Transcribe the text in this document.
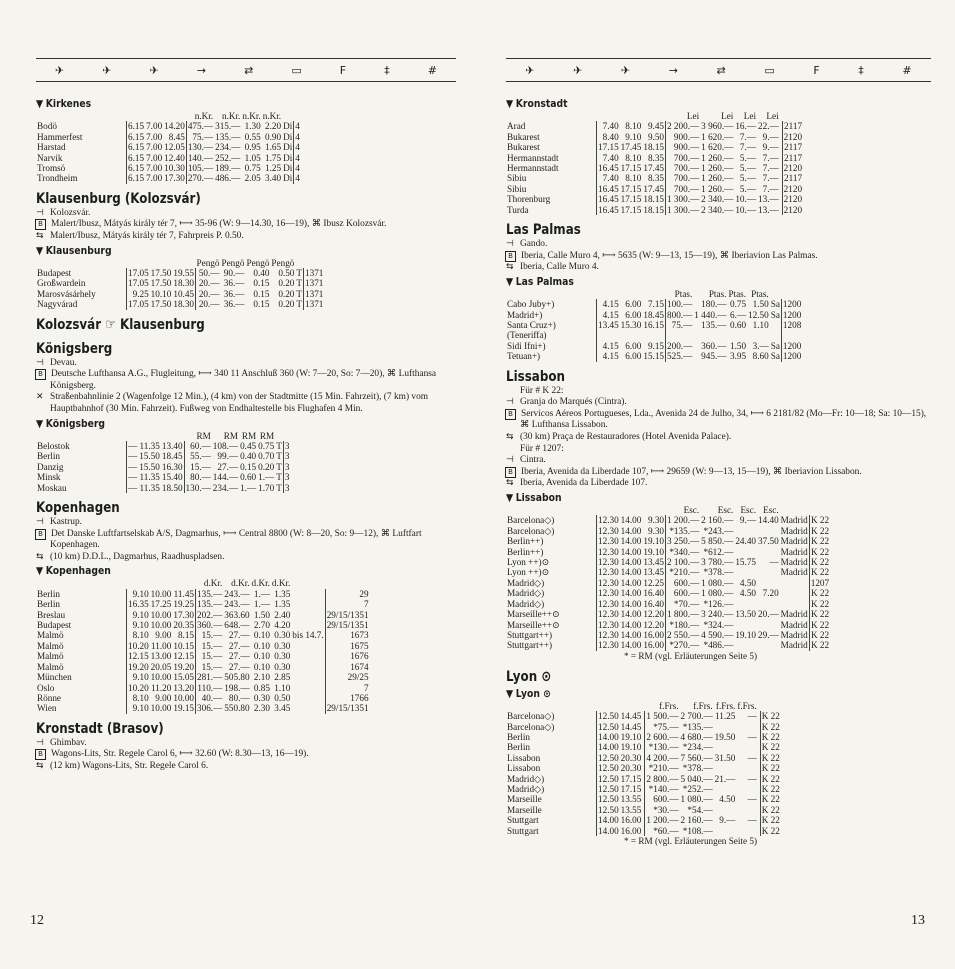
✈	✈	✈	→	⇄	▭	F	‡	#
▼ Kirkenes
				n.Kr.	n.Kr.	n.Kr.	n.Kr.		
Bodö	6.15	7.00	14.20	475.—	315.—	1.30	2.20	Di	4
Hammerfest	6.15	7.00	8.45	75.—	135.—	0.55	0.90	Di	4
Harstad	6.15	7.00	12.05	130.—	234.—	0.95	1.65	Di	4
Narvik	6.15	7.00	12.40	140.—	252.—	1.05	1.75	Di	4
Tromsö	6.15	7.00	10.30	105.—	189.—	0.75	1.25	Di	4
Trondheim	6.15	7.00	17.30	270.—	486.—	2.05	3.40	Di	4
Klausenburg (Kolozsvár)
⊣ Kolozsvár.
B Malert/Ibusz, Mátyás király tér 7, ⟼ 35-96 (W: 9—14.30, 16—19), ⌘ Ibusz Kolozsvár.
⇆ Malert/Ibusz, Mátyás király tér 7, Fahrpreis P. 0.50.
▼ Klausenburg
				Pengö	Pengö	Pengö	Pengö		
Budapest	17.05	17.50	19.55	50.—	90.—	0.40	0.50	T	1371
Großwardein	17.05	17.50	18.30	20.—	36.—	0.15	0.20	T	1371
Marosvásárhely	9.25	10.10	10.45	20.—	36.—	0.15	0.20	T	1371
Nagyvárad	17.05	17.50	18.30	20.—	36.—	0.15	0.20	T	1371
Kolozsvár ☞ Klausenburg
Königsberg
⊣ Devau.
B Deutsche Lufthansa A.G., Flugleitung, ⟼ 340 11 Anschluß 360 (W: 7—20, So: 7—20), ⌘ Lufthansa Königsberg.
✕ Straßenbahnlinie 2 (Wagenfolge 12 Min.), (4 km) von der Stadtmitte (15 Min. Fahrzeit), (7 km) vom Hauptbahnhof (30 Min. Fahrzeit). Fußweg von Endhaltestelle bis Flughafen 4 Min.
▼ Königsberg
				RM	RM	RM	RM		
Belostok	—	11.35	13.40	60.—	108.—	0.45	0.75	T	3
Berlin	—	15.50	18.45	55.—	99.—	0.40	0.70	T	3
Danzig	—	15.50	16.30	15.—	27.—	0.15	0.20	T	3
Minsk	—	11.35	15.40	80.—	144.—	0.60	1.—	T	3
Moskau	—	11.35	18.50	130.—	234.—	1.—	1.70	T	3
Kopenhagen
⊣ Kastrup.
B Det Danske Luftfartselskab A/S, Dagmarhus, ⟼ Central 8800 (W: 8—20, So: 9—12), ⌘ Luftfart Kopenhagen.
⇆ (10 km) D.D.L., Dagmarhus, Raadhuspladsen.
▼ Kopenhagen
				d.Kr.	d.Kr.	d.Kr.	d.Kr.		
Berlin	9.10	10.00	11.45	135.—	243.—	1.—	1.35		29
Berlin	16.35	17.25	19.25	135.—	243.—	1.—	1.35		7
Breslau	9.10	10.00	17.30	202.—	363.60	1.50	2.40		29/15/1351
Budapest	9.10	10.00	20.35	360.—	648.—	2.70	4.20		29/15/1351
Malmö	8.10	9.00	8.15	15.—	27.—	0.10	0.30	bis 14.7.	1673
Malmö	10.20	11.00	10.15	15.—	27.—	0.10	0.30		1675
Malmö	12.15	13.00	12.15	15.—	27.—	0.10	0.30		1676
Malmö	19.20	20.05	19.20	15.—	27.—	0.10	0.30		1674
München	9.10	10.00	15.05	281.—	505.80	2.10	2.85		29/25
Oslo	10.20	11.20	13.20	110.—	198.—	0.85	1.10		7
Rönne	8.10	9.00	10.00	40.—	80.—	0.30	0.50		1766
Wien	9.10	10.00	19.15	306.—	550.80	2.30	3.45		29/15/1351
Kronstadt (Brasov)
⊣ Ghimbav.
B Wagons-Lits, Str. Regele Carol 6, ⟼ 32.60 (W: 8.30—13, 16—19).
⇆ (12 km) Wagons-Lits, Str. Regele Carol 6.
12
✈	✈	✈	→	⇄	▭	F	‡	#
▼ Kronstadt
				Lei	Lei	Lei	Lei		
Arad	7.40	8.10	9.45	2 200.—	3 960.—	16.—	22.—		2117
Bukarest	8.40	9.10	9.50	900.—	1 620.—	7.—	9.—		2120
Bukarest	17.15	17.45	18.15	900.—	1 620.—	7.—	9.—		2117
Hermannstadt	7.40	8.10	8.35	700.—	1 260.—	5.—	7.—		2117
Hermannstadt	16.45	17.15	17.45	700.—	1 260.—	5.—	7.—		2120
Sibiu	7.40	8.10	8.35	700.—	1 260.—	5.—	7.—		2117
Sibiu	16.45	17.15	17.45	700.—	1 260.—	5.—	7.—		2120
Thorenburg	16.45	17.15	18.15	1 300.—	2 340.—	10.—	13.—		2120
Turda	16.45	17.15	18.15	1 300.—	2 340.—	10.—	13.—		2120
Las Palmas
⊣ Gando.
B Iberia, Calle Muro 4, ⟼ 5635 (W: 9—13, 15—19), ⌘ Iberiavion Las Palmas.
⇆ Iberia, Calle Muro 4.
▼ Las Palmas
				Ptas.	Ptas.	Ptas.	Ptas.		
Cabo Juby+)	4.15	6.00	7.15	100.—	180.—	0.75	1.50	Sa	1200
Madrid+)	4.15	6.00	18.45	800.—	1 440.—	6.—	12.50	Sa	1200
Santa Cruz+)	13.45	15.30	16.15	75.—	135.—	0.60	1.10		1208
(Teneriffa)									
Sidi Ifni+)	4.15	6.00	9.15	200.—	360.—	1.50	3.—	Sa	1200
Tetuan+)	4.15	6.00	15.15	525.—	945.—	3.95	8.60	Sa	1200
Lissabon
Für # K 22:
⊣ Granja do Marqués (Cintra).
B Servicos Aéreos Portugueses, Lda., Avenida 24 de Julho, 34, ⟼ 6 2181/82 (Mo—Fr: 10—18; Sa: 10—15), ⌘ Lufthansa Lissabon.
⇆ (30 km) Praça de Restauradores (Hotel Avenida Palace).
Für # 1207:
⊣ Cintra.
B Iberia, Avenida da Liberdade 107, ⟼ 29659 (W: 9—13, 15—19), ⌘ Iberiavion Lissabon.
⇆ Iberia, Avenida da Liberdade 107.
▼ Lissabon
				Esc.	Esc.	Esc.	Esc.		
Barcelona◇)	12.30	14.00	9.30	1 200.—	2 160.—	9.—	14.40	Madrid	K 22
Barcelona◇)	12.30	14.00	9.30	*135.—	*243.—			Madrid	K 22
Berlin++)	12.30	14.00	19.10	3 250.—	5 850.—	24.40	37.50	Madrid	K 22
Berlin++)	12.30	14.00	19.10	*340.—	*612.—			Madrid	K 22
Lyon ++)⊙	12.30	14.00	13.45	2 100.—	3 780.—	15.75	—	Madrid	K 22
Lyon ++)⊙	12.30	14.00	13.45	*210.—	*378.—			Madrid	K 22
Madrid◇)	12.30	14.00	12.25	600.—	1 080.—	4.50			1207
Madrid◇)	12.30	14.00	16.40	600.—	1 080.—	4.50	7.20		K 22
Madrid◇)	12.30	14.00	16.40	*70.—	*126.—				K 22
Marseille++⊙	12.30	14.00	12.20	1 800.—	3 240.—	13.50	20.—	Madrid	K 22
Marseille++⊙	12.30	14.00	12.20	*180.—	*324.—			Madrid	K 22
Stuttgart++)	12.30	14.00	16.00	2 550.—	4 590.—	19.10	29.—	Madrid	K 22
Stuttgart++)	12.30	14.00	16.00	*270.—	*486.—			Madrid	K 22
* = RM (vgl. Erläuterungen Seite 5)
Lyon ⊙
▼ Lyon ⊙
				f.Frs.	f.Frs.	f.Frs.	f.Frs.		
Barcelona◇)	12.50	14.45		1 500.—	2 700.—	11.25	—		K 22
Barcelona◇)	12.50	14.45		*75.—	*135.—				K 22
Berlin	14.00	19.10		2 600.—	4 680.—	19.50	—		K 22
Berlin	14.00	19.10		*130.—	*234.—				K 22
Lissabon	12.50	20.30		4 200.—	7 560.—	31.50	—		K 22
Lissabon	12.50	20.30		*210.—	*378.—				K 22
Madrid◇)	12.50	17.15		2 800.—	5 040.—	21.—	—		K 22
Madrid◇)	12.50	17.15		*140.—	*252.—				K 22
Marseille	12.50	13.55		600.—	1 080.—	4.50	—		K 22
Marseille	12.50	13.55		*30.—	*54.—				K 22
Stuttgart	14.00	16.00		1 200.—	2 160.—	9.—	—		K 22
Stuttgart	14.00	16.00		*60.—	*108.—				K 22
* = RM (vgl. Erläuterungen Seite 5)
13
